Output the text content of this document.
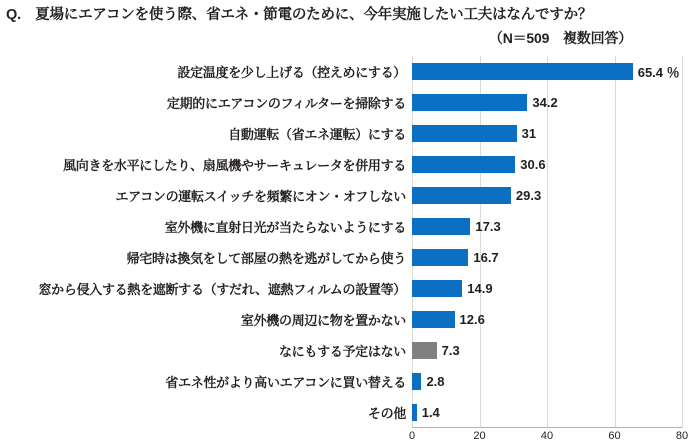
Q.　夏場にエアコンを使う際、省エネ・節電のために、今年実施したい工夫はなんですか？
（N＝509　複数回答）
設定温度を少し上げる（控えめにする）	65.4 ％
定期的にエアコンのフィルターを掃除する	34.2
自動運転（省エネ運転）にする	31
風向きを水平にしたり、扇風機やサーキュレータを併用する	30.6
エアコンの運転スイッチを頻繁にオン・オフしない	29.3
室外機に直射日光が当たらないようにする	17.3
帰宅時は換気をして部屋の熱を逃がしてから使う	16.7
窓から侵入する熱を遮断する（すだれ、遮熱フィルムの設置等）	14.9
室外機の周辺に物を置かない	12.6
なにもする予定はない	7.3
省エネ性がより高いエアコンに買い替える	2.8
その他	1.4
0	20	40	60	80
